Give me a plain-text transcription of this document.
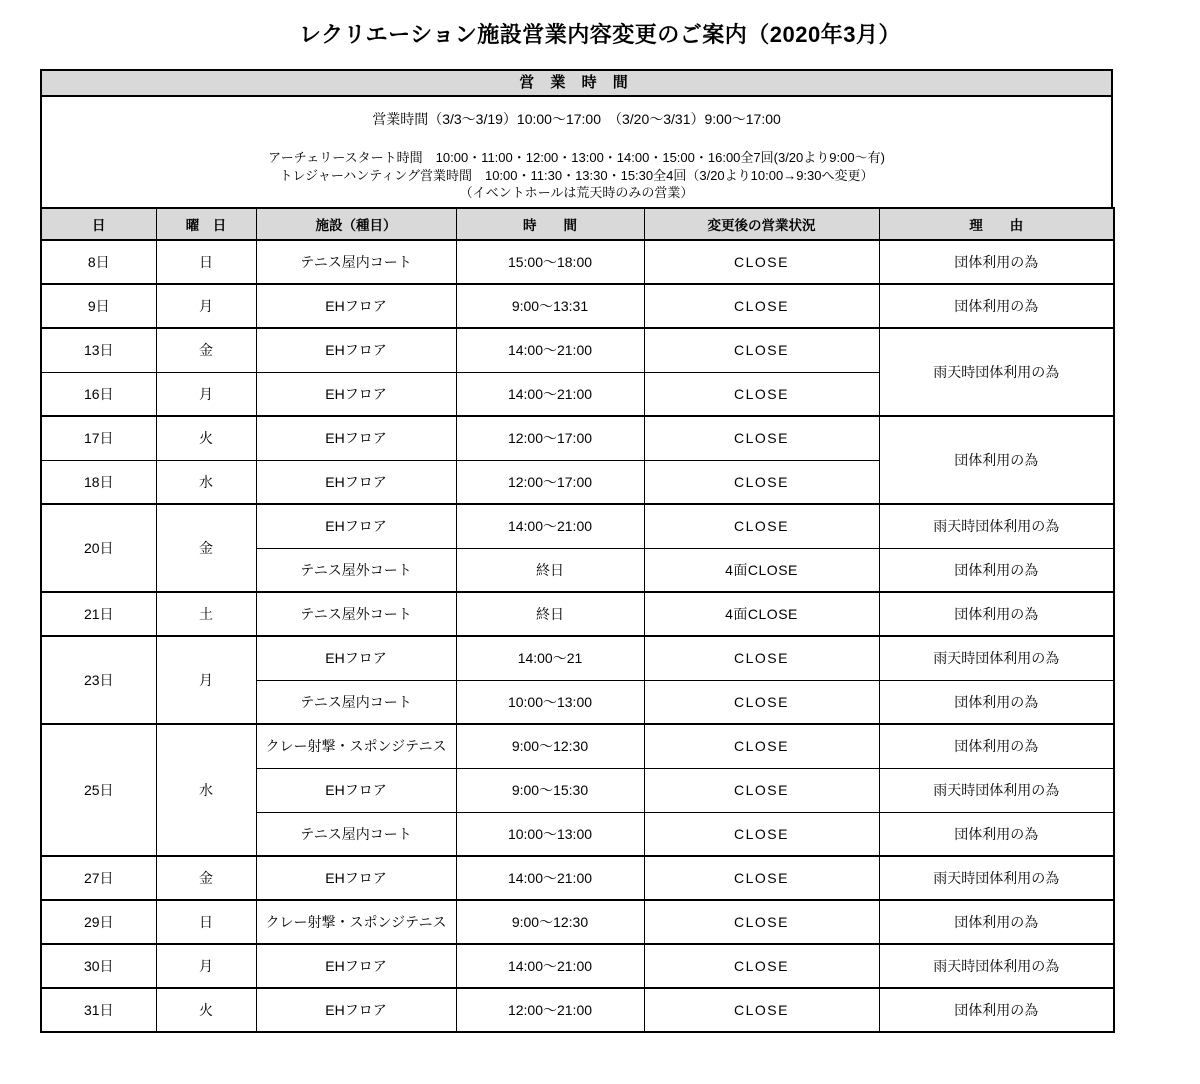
レクリエーション施設営業内容変更のご案内（2020年3月）
営 業 時 間
営業時間（3/3～3/19）10:00～17:00　（3/20～3/31）9:00～17:00
アーチェリースタート時間　10:00・11:00・12:00・13:00・14:00・15:00・16:00全7回(3/20より9:00～有)
トレジャーハンティング営業時間　10:00・11:30・13:30・15:30全4回（3/20より10:00→9:30へ変更）
（イベントホールは荒天時のみの営業）
日	曜　日	施設（種目）	時　　間	変更後の営業状況	理　　由
8日	日	テニス屋内コート	15:00～18:00	CLOSE	団体利用の為
9日	月	EHフロア	9:00～13:31	CLOSE	団体利用の為
13日	金	EHフロア	14:00～21:00	CLOSE	雨天時団体利用の為
16日	月	EHフロア	14:00～21:00	CLOSE	
17日	火	EHフロア	12:00～17:00	CLOSE	団体利用の為
18日	水	EHフロア	12:00～17:00	CLOSE	
20日	金	EHフロア	14:00～21:00	CLOSE	雨天時団体利用の為
		テニス屋外コート	終日	4面CLOSE	団体利用の為
21日	土	テニス屋外コート	終日	4面CLOSE	団体利用の為
23日	月	EHフロア	14:00～21	CLOSE	雨天時団体利用の為
		テニス屋内コート	10:00～13:00	CLOSE	団体利用の為
25日	水	クレー射撃・スポンジテニス	9:00～12:30	CLOSE	団体利用の為
		EHフロア	9:00～15:30	CLOSE	雨天時団体利用の為
		テニス屋内コート	10:00～13:00	CLOSE	団体利用の為
27日	金	EHフロア	14:00～21:00	CLOSE	雨天時団体利用の為
29日	日	クレー射撃・スポンジテニス	9:00～12:30	CLOSE	団体利用の為
30日	月	EHフロア	14:00～21:00	CLOSE	雨天時団体利用の為
31日	火	EHフロア	12:00～21:00	CLOSE	団体利用の為
